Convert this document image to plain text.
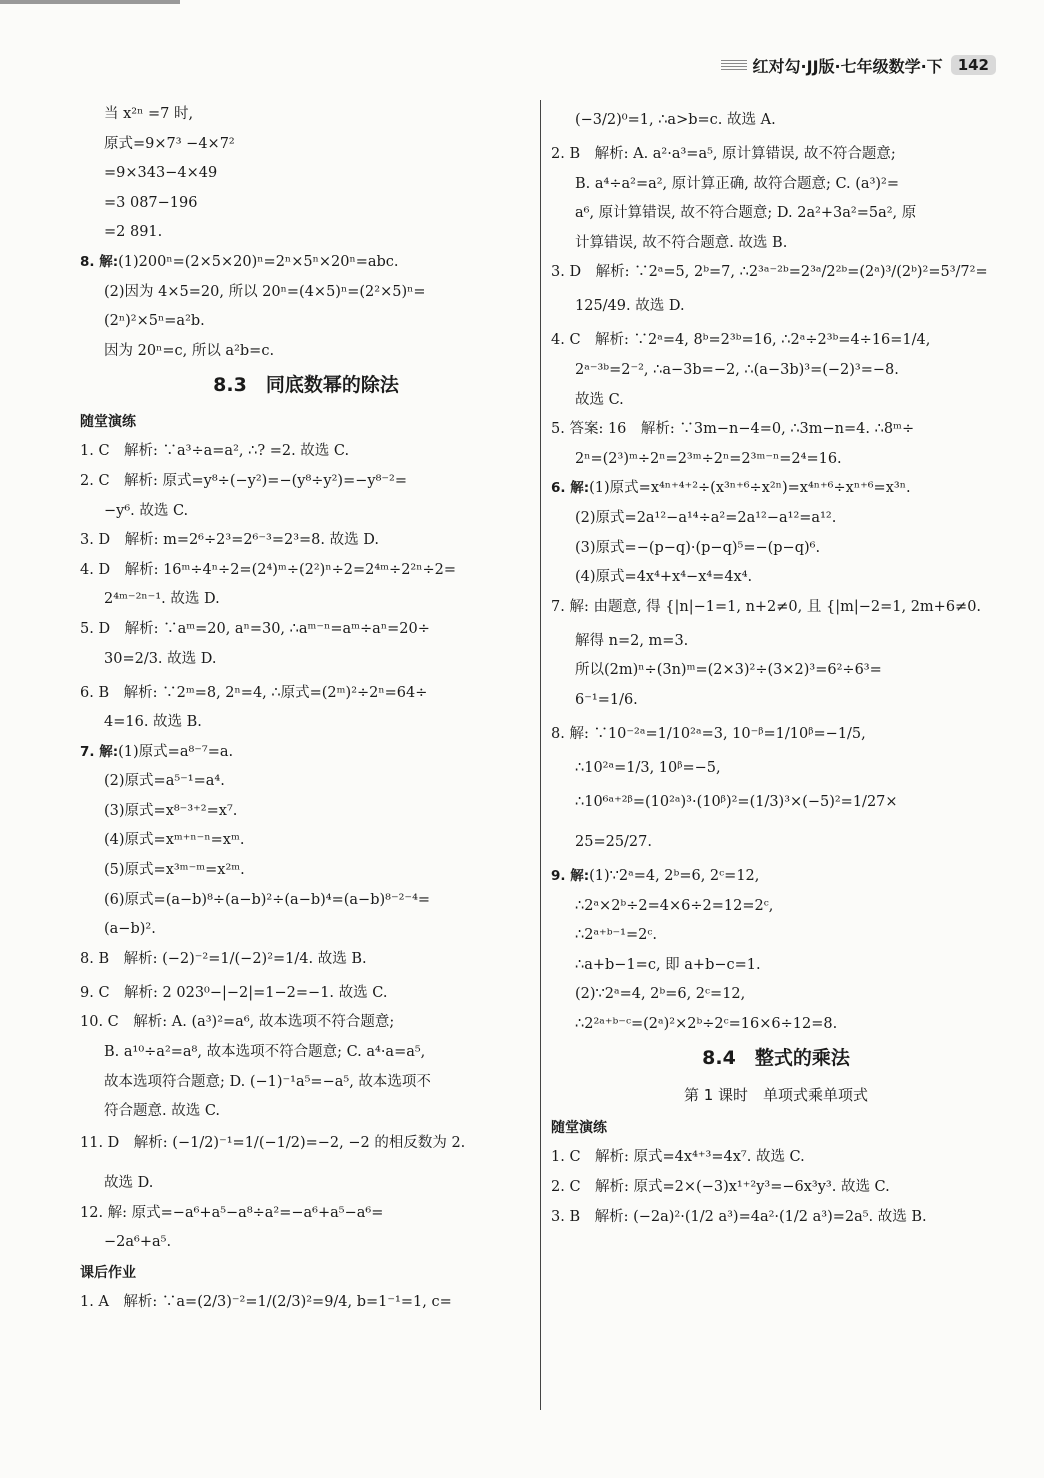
红对勾·JJ版·七年级数学·下	142
当 x²ⁿ =7 时,
原式=9×7³ −4×7²
=9×343−4×49
=3 087−196
=2 891.
8. 解:(1)200ⁿ=(2×5×20)ⁿ=2ⁿ×5ⁿ×20ⁿ=abc.
(2)因为 4×5=20, 所以 20ⁿ=(4×5)ⁿ=(2²×5)ⁿ=
(2ⁿ)²×5ⁿ=a²b.
因为 20ⁿ=c, 所以 a²b=c.
8.3　同底数幂的除法
随堂演练
1. C　解析: ∵a³÷a=a², ∴? =2. 故选 C.
2. C　解析: 原式=y⁸÷(−y²)=−(y⁸÷y²)=−y⁸⁻²=
−y⁶. 故选 C.
3. D　解析: m=2⁶÷2³=2⁶⁻³=2³=8. 故选 D.
4. D　解析: 16ᵐ÷4ⁿ÷2=(2⁴)ᵐ÷(2²)ⁿ÷2=2⁴ᵐ÷2²ⁿ÷2=
2⁴ᵐ⁻²ⁿ⁻¹. 故选 D.
5. D　解析: ∵aᵐ=20, aⁿ=30, ∴aᵐ⁻ⁿ=aᵐ÷aⁿ=20÷
30=2/3. 故选 D.
6. B　解析: ∵2ᵐ=8, 2ⁿ=4, ∴原式=(2ᵐ)²÷2ⁿ=64÷
4=16. 故选 B.
7. 解:(1)原式=a⁸⁻⁷=a.
(2)原式=a⁵⁻¹=a⁴.
(3)原式=x⁸⁻³⁺²=x⁷.
(4)原式=xᵐ⁺ⁿ⁻ⁿ=xᵐ.
(5)原式=x³ᵐ⁻ᵐ=x²ᵐ.
(6)原式=(a−b)⁸÷(a−b)²÷(a−b)⁴=(a−b)⁸⁻²⁻⁴=
(a−b)².
8. B　解析: (−2)⁻²=1/(−2)²=1/4. 故选 B.
9. C　解析: 2 023⁰−|−2|=1−2=−1. 故选 C.
10. C　解析: A. (a³)²=a⁶, 故本选项不符合题意;
B. a¹⁰÷a²=a⁸, 故本选项不符合题意; C. a⁴·a=a⁵,
故本选项符合题意; D. (−1)⁻¹a⁵=−a⁵, 故本选项不
符合题意. 故选 C.
11. D　解析: (−1/2)⁻¹=1/(−1/2)=−2, −2 的相反数为 2.
故选 D.
12. 解: 原式=−a⁶+a⁵−a⁸÷a²=−a⁶+a⁵−a⁶=
−2a⁶+a⁵.
课后作业
1. A　解析: ∵a=(2/3)⁻²=1/(2/3)²=9/4, b=1⁻¹=1, c=
(−3/2)⁰=1, ∴a>b=c. 故选 A.
2. B　解析: A. a²·a³=a⁵, 原计算错误, 故不符合题意;
B. a⁴÷a²=a², 原计算正确, 故符合题意; C. (a³)²=
a⁶, 原计算错误, 故不符合题意; D. 2a²+3a²=5a², 原
计算错误, 故不符合题意. 故选 B.
3. D　解析: ∵2ᵃ=5, 2ᵇ=7, ∴2³ᵃ⁻²ᵇ=2³ᵃ/2²ᵇ=(2ᵃ)³/(2ᵇ)²=5³/7²=
125/49. 故选 D.
4. C　解析: ∵2ᵃ=4, 8ᵇ=2³ᵇ=16, ∴2ᵃ÷2³ᵇ=4÷16=1/4,
2ᵃ⁻³ᵇ=2⁻², ∴a−3b=−2, ∴(a−3b)³=(−2)³=−8.
故选 C.
5. 答案: 16　解析: ∵3m−n−4=0, ∴3m−n=4. ∴8ᵐ÷
2ⁿ=(2³)ᵐ÷2ⁿ=2³ᵐ÷2ⁿ=2³ᵐ⁻ⁿ=2⁴=16.
6. 解:(1)原式=x⁴ⁿ⁺⁴⁺²÷(x³ⁿ⁺⁶÷x²ⁿ)=x⁴ⁿ⁺⁶÷xⁿ⁺⁶=x³ⁿ.
(2)原式=2a¹²−a¹⁴÷a²=2a¹²−a¹²=a¹².
(3)原式=−(p−q)·(p−q)⁵=−(p−q)⁶.
(4)原式=4x⁴+x⁴−x⁴=4x⁴.
7. 解: 由题意, 得 {|n|−1=1, n+2≠0, 且 {|m|−2=1, 2m+6≠0.
解得 n=2, m=3.
所以(2m)ⁿ÷(3n)ᵐ=(2×3)²÷(3×2)³=6²÷6³=
6⁻¹=1/6.
8. 解: ∵10⁻²ᵃ=1/10²ᵃ=3, 10⁻ᵝ=1/10ᵝ=−1/5,
∴10²ᵃ=1/3, 10ᵝ=−5,
∴10⁶ᵃ⁺²ᵝ=(10²ᵃ)³·(10ᵝ)²=(1/3)³×(−5)²=1/27×
25=25/27.
9. 解:(1)∵2ᵃ=4, 2ᵇ=6, 2ᶜ=12,
∴2ᵃ×2ᵇ÷2=4×6÷2=12=2ᶜ,
∴2ᵃ⁺ᵇ⁻¹=2ᶜ.
∴a+b−1=c, 即 a+b−c=1.
(2)∵2ᵃ=4, 2ᵇ=6, 2ᶜ=12,
∴2²ᵃ⁺ᵇ⁻ᶜ=(2ᵃ)²×2ᵇ÷2ᶜ=16×6÷12=8.
8.4　整式的乘法
第 1 课时　单项式乘单项式
随堂演练
1. C　解析: 原式=4x⁴⁺³=4x⁷. 故选 C.
2. C　解析: 原式=2×(−3)x¹⁺²y³=−6x³y³. 故选 C.
3. B　解析: (−2a)²·(1/2 a³)=4a²·(1/2 a³)=2a⁵. 故选 B.
